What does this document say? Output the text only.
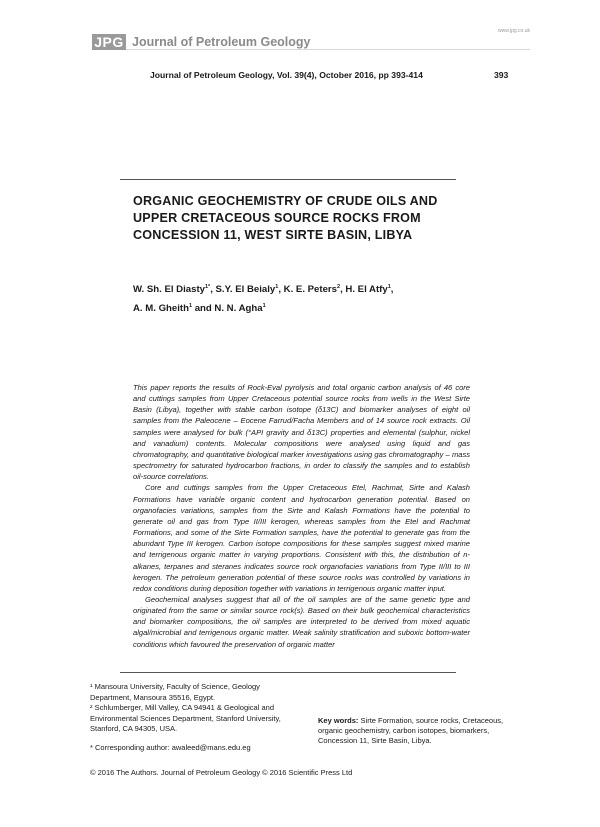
JPG Journal of Petroleum Geology
www.jpg.co.uk
Journal of Petroleum Geology, Vol. 39(4), October 2016, pp 393-414	393
ORGANIC GEOCHEMISTRY OF CRUDE OILS AND UPPER CRETACEOUS SOURCE ROCKS FROM CONCESSION 11, WEST SIRTE BASIN, LIBYA
W. Sh. El Diasty$^{1*}$, S.Y. El Beialy$^1$, K. E. Peters$^2$, H. El Atfy$^1$,
A. M. Gheith$^1$ and N. N. Agha$^1$

This paper reports the results of Rock-Eval pyrolysis and total organic carbon analysis of 46 core and cuttings samples from Upper Cretaceous potential source rocks from wells in the West Sirte Basin (Libya), together with stable carbon isotope (δ13C) and biomarker analyses of eight oil samples from the Paleocene – Eocene Farrud/Facha Members and of 14 source rock extracts. Oil samples were analysed for bulk (°API gravity and δ13C) properties and elemental (sulphur, nickel and vanadium) contents. Molecular compositions were analysed using liquid and gas chromatography, and quantitative biological marker investigations using gas chromatography – mass spectrometry for saturated hydrocarbon fractions, in order to classify the samples and to establish oil-source correlations.

Core and cuttings samples from the Upper Cretaceous Etel, Rachmat, Sirte and Kalash Formations have variable organic content and hydrocarbon generation potential. Based on organofacies variations, samples from the Sirte and Kalash Formations have the potential to generate oil and gas from Type II/III kerogen, whereas samples from the Etel and Rachmat Formations, and some of the Sirte Formation samples, have the potential to generate gas from the abundant Type III kerogen. Carbon isotope compositions for these samples suggest mixed marine and terrigenous organic matter in varying proportions. Consistent with this, the distribution of n-alkanes, terpanes and steranes indicates source rock organofacies variations from Type II/III to III kerogen. The petroleum generation potential of these source rocks was controlled by variations in redox conditions during deposition together with variations in terrigenous organic matter input.

Geochemical analyses suggest that all of the oil samples are of the same genetic type and originated from the same or similar source rock(s). Based on their bulk geochemical characteristics and biomarker compositions, the oil samples are interpreted to be derived from mixed aquatic algal/microbial and terrigenous organic matter. Weak salinity stratification and suboxic bottom-water conditions which favoured the preservation of organic matter

¹ Mansoura University, Faculty of Science, Geology Department, Mansoura 35516, Egypt.

² Schlumberger, Mill Valley, CA 94941 & Geological and Environmental Sciences Department, Stanford University, Stanford, CA 94305, USA.

* Corresponding author: awaleed@mans.edu.eg

Key words: Sirte Formation, source rocks, Cretaceous, organic geochemistry, carbon isotopes, biomarkers, Concession 11, Sirte Basin, Libya.
© 2016 The Authors. Journal of Petroleum Geology © 2016 Scientific Press Ltd
